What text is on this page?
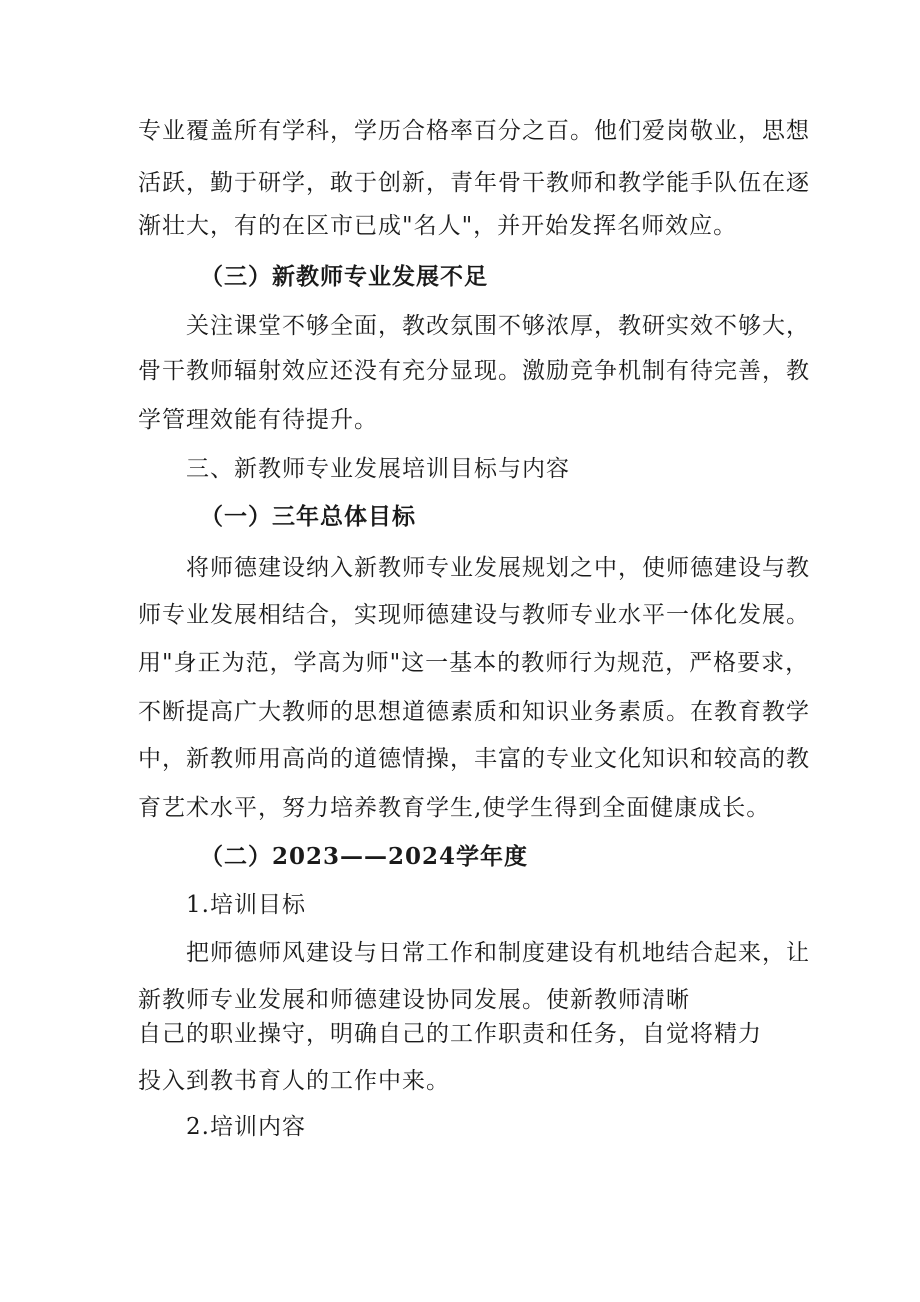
专业覆盖所有学科，学历合格率百分之百。他们爱岗敬业，思想
活跃，勤于研学，敢于创新，青年骨干教师和教学能手队伍在逐
渐壮大，有的在区市已成"名人"，并开始发挥名师效应。
（三）新教师专业发展不足
关注课堂不够全面，教改氛围不够浓厚，教研实效不够大，
骨干教师辐射效应还没有充分显现。激励竞争机制有待完善，教
学管理效能有待提升。
三、新教师专业发展培训目标与内容
（一）三年总体目标
将师德建设纳入新教师专业发展规划之中，使师德建设与教
师专业发展相结合，实现师德建设与教师专业水平一体化发展。
用"身正为范，学高为师"这一基本的教师行为规范，严格要求，
不断提高广大教师的思想道德素质和知识业务素质。在教育教学
中，新教师用高尚的道德情操，丰富的专业文化知识和较高的教
育艺术水平，努力培养教育学生,使学生得到全面健康成长。
（二）2023——2024学年度
1.培训目标
把师德师风建设与日常工作和制度建设有机地结合起来，让
新教师专业发展和师德建设协同发展。使新教师清晰
自己的职业操守，明确自己的工作职责和任务，自觉将精力
投入到教书育人的工作中来。
2.培训内容
